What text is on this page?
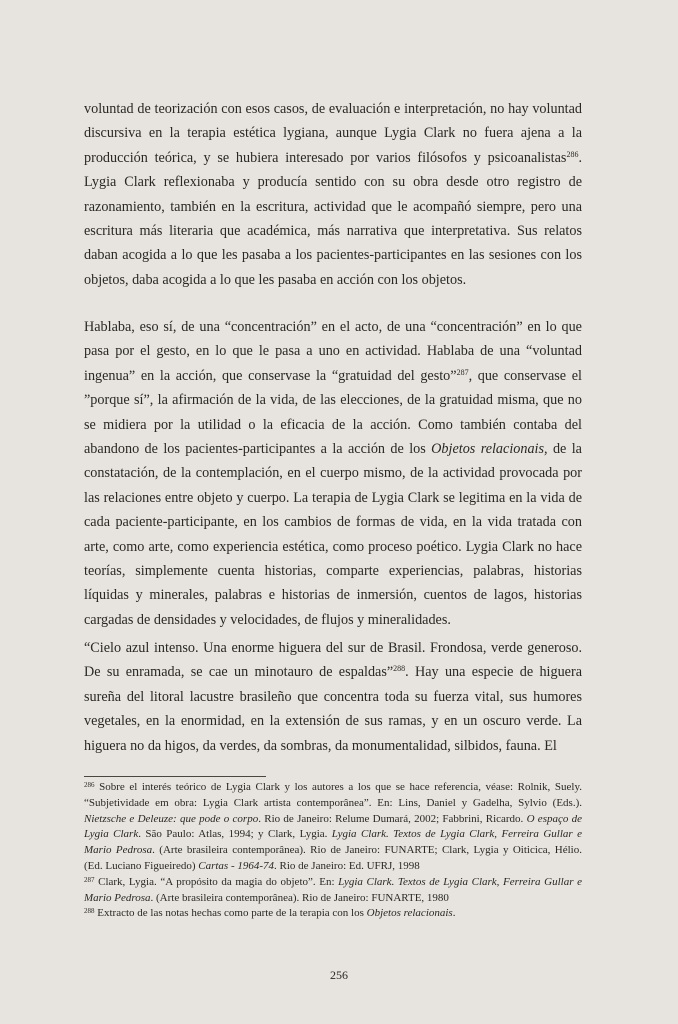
voluntad de teorización con esos casos, de evaluación e interpretación, no hay voluntad discursiva en la terapia estética lygiana, aunque Lygia Clark no fuera ajena a la producción teórica, y se hubiera interesado por varios filósofos y psicoanalistas$^{286}$. Lygia Clark reflexionaba y producía sentido con su obra desde otro registro de razonamiento, también en la escritura, actividad que le acompañó siempre, pero una escritura más literaria que académica, más narrativa que interpretativa. Sus relatos daban acogida a lo que les pasaba a los pacientes-participantes en las sesiones con los objetos, daba acogida a lo que les pasaba en acción con los objetos.

Hablaba, eso sí, de una “concentración” en el acto, de una “concentración” en lo que pasa por el gesto, en lo que le pasa a uno en actividad. Hablaba de una “voluntad ingenua” en la acción, que conservase la “gratuidad del gesto”$^{287}$, que conservase el ”porque sí”, la afirmación de la vida, de las elecciones, de la gratuidad misma, que no se midiera por la utilidad o la eficacia de la acción. Como también contaba del abandono de los pacientes-participantes a la acción de los Objetos relacionais, de la constatación, de la contemplación, en el cuerpo mismo, de la actividad provocada por las relaciones entre objeto y cuerpo. La terapia de Lygia Clark se legitima en la vida de cada paciente-participante, en los cambios de formas de vida, en la vida tratada con arte, como arte, como experiencia estética, como proceso poético. Lygia Clark no hace teorías, simplemente cuenta historias, comparte experiencias, palabras, historias líquidas y minerales, palabras e historias de inmersión, cuentos de lagos, historias cargadas de densidades y velocidades, de flujos y mineralidades.

“Cielo azul intenso. Una enorme higuera del sur de Brasil. Frondosa, verde generoso. De su enramada, se cae un minotauro de espaldas”$^{288}$. Hay una especie de higuera sureña del litoral lacustre brasileño que concentra toda su fuerza vital, sus humores vegetales, en la enormidad, en la extensión de sus ramas, y en un oscuro verde. La higuera no da higos, da verdes, da sombras, da monumentalidad, silbidos, fauna. El

$^{286}$ Sobre el interés teórico de Lygia Clark y los autores a los que se hace referencia, véase: Rolnik, Suely. “Subjetividade em obra: Lygia Clark artista contemporânea”. En: Lins, Daniel y Gadelha, Sylvio (Eds.). Nietzsche e Deleuze: que pode o corpo. Rio de Janeiro: Relume Dumará, 2002; Fabbrini, Ricardo. O espaço de Lygia Clark. São Paulo: Atlas, 1994; y Clark, Lygia. Lygia Clark. Textos de Lygia Clark, Ferreira Gullar e Mario Pedrosa. (Arte brasileira contemporânea). Rio de Janeiro: FUNARTE; Clark, Lygia y Oiticica, Hélio. (Ed. Luciano Figueiredo) Cartas - 1964-74. Rio de Janeiro: Ed. UFRJ, 1998

$^{287}$ Clark, Lygia. “A propósito da magia do objeto”. En: Lygia Clark. Textos de Lygia Clark, Ferreira Gullar e Mario Pedrosa. (Arte brasileira contemporânea). Rio de Janeiro: FUNARTE, 1980

$^{288}$ Extracto de las notas hechas como parte de la terapia con los Objetos relacionais.

256
